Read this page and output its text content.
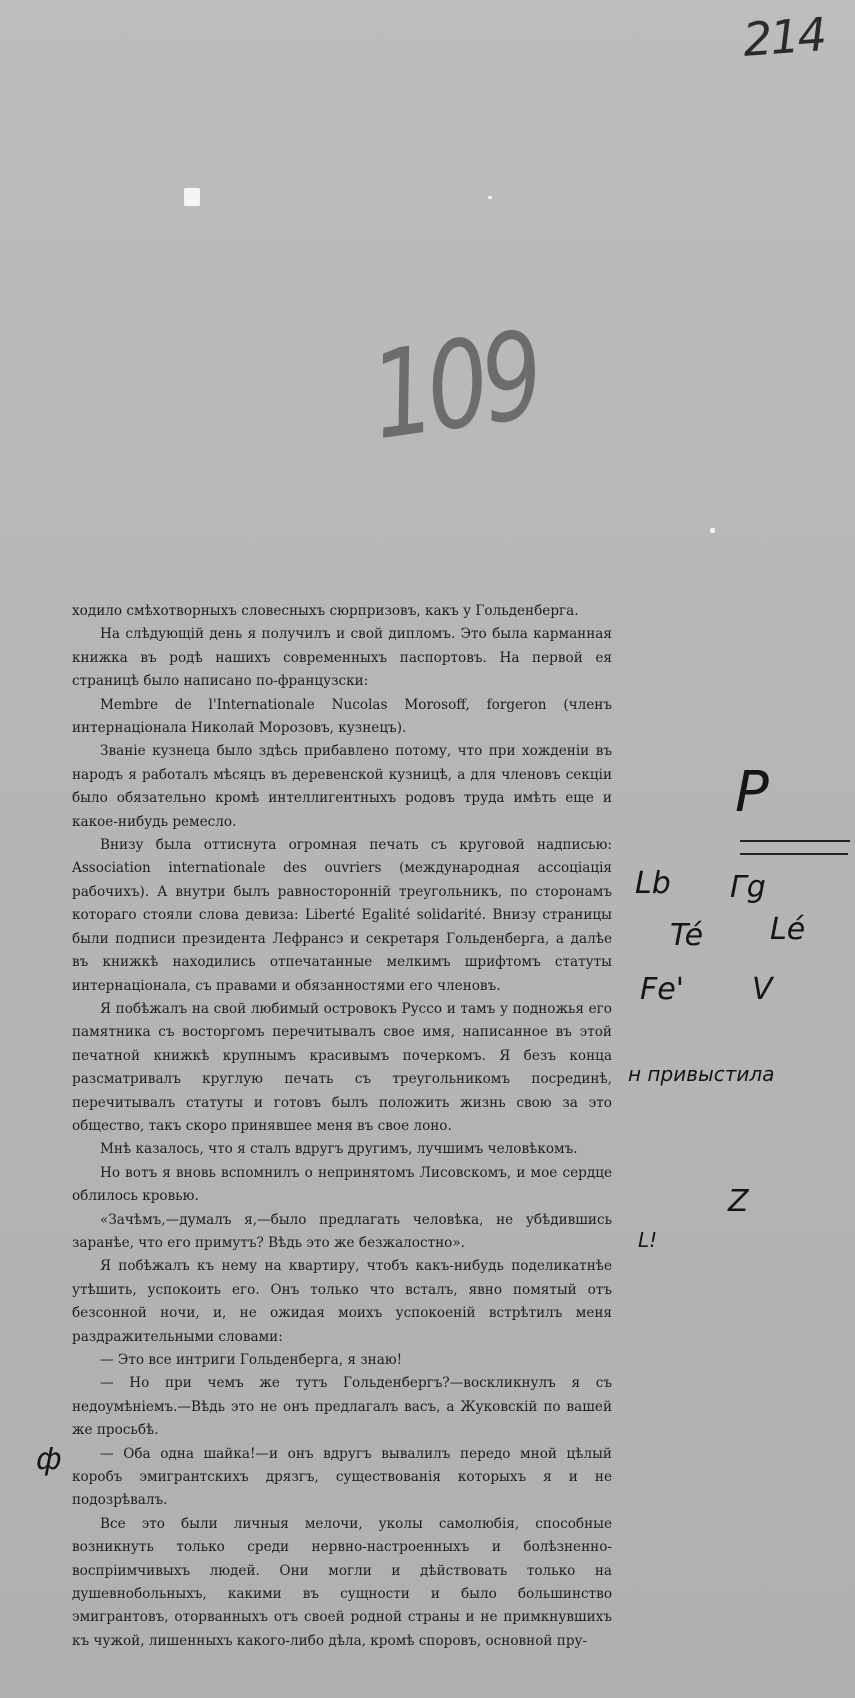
214
109

ходило смѣхотворныхъ словесныхъ сюрпризовъ, какъ у Гольденберга.

На слѣдующій день я получилъ и свой дипломъ. Это была карманная книжка въ родѣ нашихъ современныхъ паспортовъ. На первой ея страницѣ было написано по-французски:

Membre de l'Internationale Nucolas Morosoff, forgeron (членъ интернаціонала Николай Морозовъ, кузнецъ).

Званіе кузнеца было здѣсь прибавлено потому, что при хожденіи въ народъ я работалъ мѣсяцъ въ деревенской кузницѣ, а для членовъ секціи было обязательно кромѣ интеллигентныхъ родовъ труда имѣть еще и какое-нибудь ремесло.

Внизу была оттиснута огромная печать съ круговой надписью: Association internationale des ouvriers (международная ассоціація рабочихъ). А внутри былъ равносторонній треугольникъ, по сторонамъ котораго стояли слова девиза: Liberté Egalité solidarité. Внизу страницы были подписи президента Лефрансэ и секретаря Гольденберга, а далѣе въ книжкѣ находились отпечатанные мелкимъ шрифтомъ статуты интернаціонала, съ правами и обязанностями его членовъ.

Я побѣжалъ на свой любимый островокъ Руссо и тамъ у подножья его памятника съ восторгомъ перечитывалъ свое имя, написанное въ этой печатной книжкѣ крупнымъ красивымъ почеркомъ. Я безъ конца разсматривалъ круглую печать съ треугольникомъ посрединѣ, перечитывалъ статуты и готовъ былъ положить жизнь свою за это общество, такъ скоро принявшее меня въ свое лоно.

Мнѣ казалось, что я сталъ вдругъ другимъ, лучшимъ человѣкомъ.

Но вотъ я вновь вспомнилъ о непринятомъ Лисовскомъ, и мое сердце облилось кровью.

«Зачѣмъ,—думалъ я,—было предлагать человѣка, не убѣдившись заранѣе, что его примутъ? Вѣдь это же безжалостно».

Я побѣжалъ къ нему на квартиру, чтобъ какъ-нибудь поделикатнѣе утѣшить, успокоить его. Онъ только что всталъ, явно помятый отъ безсонной ночи, и, не ожидая моихъ успокоеній встрѣтилъ меня раздражительными словами:

— Это все интриги Гольденберга, я знаю!

— Но при чемъ же тутъ Гольденбергъ?—воскликнулъ я съ недоумѣніемъ.—Вѣдь это не онъ предлагалъ васъ, а Жуковскій по вашей же просьбѣ.

— Оба одна шайка!—и онъ вдругъ вывалилъ передо мной цѣлый коробъ эмигрантскихъ дрязгъ, существованія которыхъ я и не подозрѣвалъ.

Все это были личныя мелочи, уколы самолюбія, способные возникнуть только среди нервно-настроенныхъ и болѣзненно-воспріимчивыхъ людей. Они могли и дѣйствовать только на душевнобольныхъ, какими въ сущности и было большинство эмигрантовъ, оторванныхъ отъ своей родной страны и не примкнувшихъ къ чужой, лишенныхъ какого-либо дѣла, кромѣ споровъ, основной пру-

P
Lb Гg
Té Lé
Fe' V
н привыстила
Z
L!
ф
